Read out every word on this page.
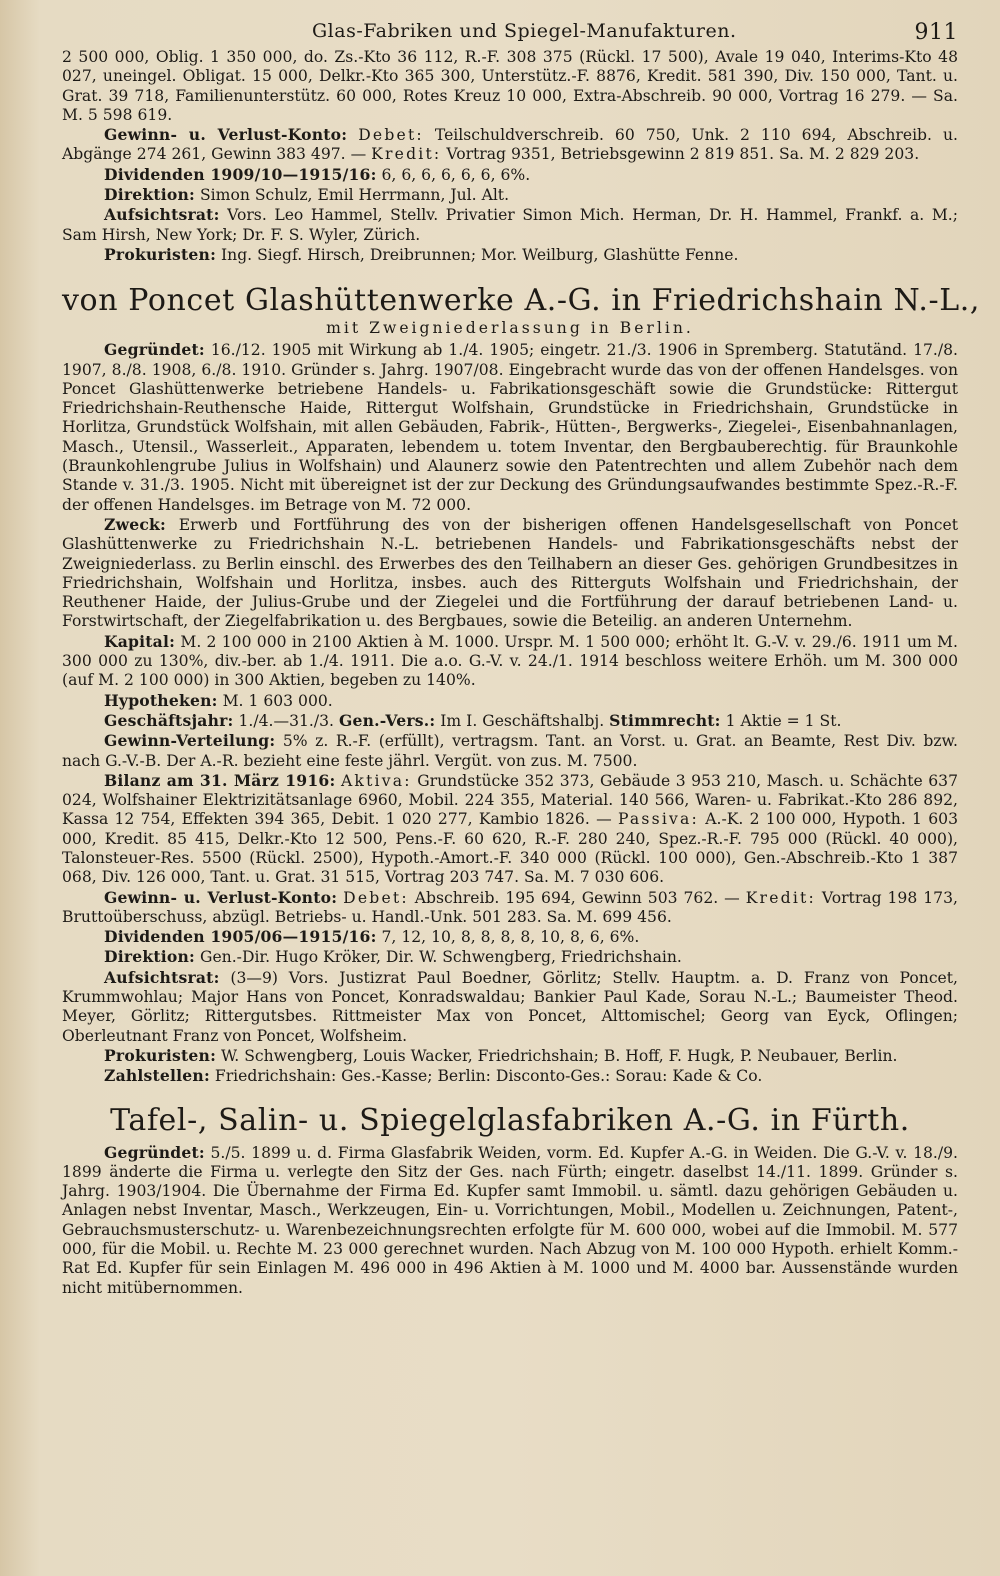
Glas-Fabriken und Spiegel-Manufakturen.	911

2 500 000, Oblig. 1 350 000, do. Zs.-Kto 36 112, R.-F. 308 375 (Rückl. 17 500), Avale 19 040, Interims-Kto 48 027, uneingel. Obligat. 15 000, Delkr.-Kto 365 300, Unterstütz.-F. 8876, Kredit. 581 390, Div. 150 000, Tant. u. Grat. 39 718, Familienunterstütz. 60 000, Rotes Kreuz 10 000, Extra-Abschreib. 90 000, Vortrag 16 279. — Sa. M. 5 598 619.

Gewinn- u. Verlust-Konto: Debet: Teilschuldverschreib. 60 750, Unk. 2 110 694, Abschreib. u. Abgänge 274 261, Gewinn 383 497. — Kredit: Vortrag 9351, Betriebsgewinn 2 819 851. Sa. M. 2 829 203.

Dividenden 1909/10—1915/16: 6, 6, 6, 6, 6, 6, 6%.

Direktion: Simon Schulz, Emil Herrmann, Jul. Alt.

Aufsichtsrat: Vors. Leo Hammel, Stellv. Privatier Simon Mich. Herman, Dr. H. Hammel, Frankf. a. M.; Sam Hirsh, New York; Dr. F. S. Wyler, Zürich.

Prokuristen: Ing. Siegf. Hirsch, Dreibrunnen; Mor. Weilburg, Glashütte Fenne.

von Poncet Glashüttenwerke A.-G. in Friedrichshain N.-L.,
mit Zweigniederlassung in Berlin.

Gegründet: 16./12. 1905 mit Wirkung ab 1./4. 1905; eingetr. 21./3. 1906 in Spremberg. Statutänd. 17./8. 1907, 8./8. 1908, 6./8. 1910. Gründer s. Jahrg. 1907/08. Eingebracht wurde das von der offenen Handelsges. von Poncet Glashüttenwerke betriebene Handels- u. Fabrikationsgeschäft sowie die Grundstücke: Rittergut Friedrichshain-Reuthensche Haide, Rittergut Wolfshain, Grundstücke in Friedrichshain, Grundstücke in Horlitza, Grundstück Wolfshain, mit allen Gebäuden, Fabrik-, Hütten-, Bergwerks-, Ziegelei-, Eisenbahnanlagen, Masch., Utensil., Wasserleit., Apparaten, lebendem u. totem Inventar, den Bergbauberechtig. für Braunkohle (Braunkohlengrube Julius in Wolfshain) und Alaunerz sowie den Patentrechten und allem Zubehör nach dem Stande v. 31./3. 1905. Nicht mit übereignet ist der zur Deckung des Gründungsaufwandes bestimmte Spez.-R.-F. der offenen Handelsges. im Betrage von M. 72 000.

Zweck: Erwerb und Fortführung des von der bisherigen offenen Handelsgesellschaft von Poncet Glashüttenwerke zu Friedrichshain N.-L. betriebenen Handels- und Fabrikationsgeschäfts nebst der Zweigniederlass. zu Berlin einschl. des Erwerbes des den Teilhabern an dieser Ges. gehörigen Grundbesitzes in Friedrichshain, Wolfshain und Horlitza, insbes. auch des Ritterguts Wolfshain und Friedrichshain, der Reuthener Haide, der Julius-Grube und der Ziegelei und die Fortführung der darauf betriebenen Land- u. Forstwirtschaft, der Ziegelfabrikation u. des Bergbaues, sowie die Beteilig. an anderen Unternehm.

Kapital: M. 2 100 000 in 2100 Aktien à M. 1000. Urspr. M. 1 500 000; erhöht lt. G.-V. v. 29./6. 1911 um M. 300 000 zu 130%, div.-ber. ab 1./4. 1911. Die a.o. G.-V. v. 24./1. 1914 beschloss weitere Erhöh. um M. 300 000 (auf M. 2 100 000) in 300 Aktien, begeben zu 140%.

Hypotheken: M. 1 603 000.

Geschäftsjahr: 1./4.—31./3. Gen.-Vers.: Im I. Geschäftshalbj. Stimmrecht: 1 Aktie = 1 St.

Gewinn-Verteilung: 5% z. R.-F. (erfüllt), vertragsm. Tant. an Vorst. u. Grat. an Beamte, Rest Div. bzw. nach G.-V.-B. Der A.-R. bezieht eine feste jährl. Vergüt. von zus. M. 7500.

Bilanz am 31. März 1916: Aktiva: Grundstücke 352 373, Gebäude 3 953 210, Masch. u. Schächte 637 024, Wolfshainer Elektrizitätsanlage 6960, Mobil. 224 355, Material. 140 566, Waren- u. Fabrikat.-Kto 286 892, Kassa 12 754, Effekten 394 365, Debit. 1 020 277, Kambio 1826. — Passiva: A.-K. 2 100 000, Hypoth. 1 603 000, Kredit. 85 415, Delkr.-Kto 12 500, Pens.-F. 60 620, R.-F. 280 240, Spez.-R.-F. 795 000 (Rückl. 40 000), Talonsteuer-Res. 5500 (Rückl. 2500), Hypoth.-Amort.-F. 340 000 (Rückl. 100 000), Gen.-Abschreib.-Kto 1 387 068, Div. 126 000, Tant. u. Grat. 31 515, Vortrag 203 747. Sa. M. 7 030 606.

Gewinn- u. Verlust-Konto: Debet: Abschreib. 195 694, Gewinn 503 762. — Kredit: Vortrag 198 173, Bruttoüberschuss, abzügl. Betriebs- u. Handl.-Unk. 501 283. Sa. M. 699 456.

Dividenden 1905/06—1915/16: 7, 12, 10, 8, 8, 8, 8, 10, 8, 6, 6%.

Direktion: Gen.-Dir. Hugo Kröker, Dir. W. Schwengberg, Friedrichshain.

Aufsichtsrat: (3—9) Vors. Justizrat Paul Boedner, Görlitz; Stellv. Hauptm. a. D. Franz von Poncet, Krummwohlau; Major Hans von Poncet, Konradswaldau; Bankier Paul Kade, Sorau N.-L.; Baumeister Theod. Meyer, Görlitz; Rittergutsbes. Rittmeister Max von Poncet, Alttomischel; Georg van Eyck, Oflingen; Oberleutnant Franz von Poncet, Wolfsheim.

Prokuristen: W. Schwengberg, Louis Wacker, Friedrichshain; B. Hoff, F. Hugk, P. Neubauer, Berlin.

Zahlstellen: Friedrichshain: Ges.-Kasse; Berlin: Disconto-Ges.: Sorau: Kade & Co.

Tafel-, Salin- u. Spiegelglasfabriken A.-G. in Fürth.

Gegründet: 5./5. 1899 u. d. Firma Glasfabrik Weiden, vorm. Ed. Kupfer A.-G. in Weiden. Die G.-V. v. 18./9. 1899 änderte die Firma u. verlegte den Sitz der Ges. nach Fürth; eingetr. daselbst 14./11. 1899. Gründer s. Jahrg. 1903/1904. Die Übernahme der Firma Ed. Kupfer samt Immobil. u. sämtl. dazu gehörigen Gebäuden u. Anlagen nebst Inventar, Masch., Werkzeugen, Ein- u. Vorrichtungen, Mobil., Modellen u. Zeichnungen, Patent-, Gebrauchsmusterschutz- u. Warenbezeichnungsrechten erfolgte für M. 600 000, wobei auf die Immobil. M. 577 000, für die Mobil. u. Rechte M. 23 000 gerechnet wurden. Nach Abzug von M. 100 000 Hypoth. erhielt Komm.-Rat Ed. Kupfer für sein Einlagen M. 496 000 in 496 Aktien à M. 1000 und M. 4000 bar. Aussenstände wurden nicht mitübernommen.
